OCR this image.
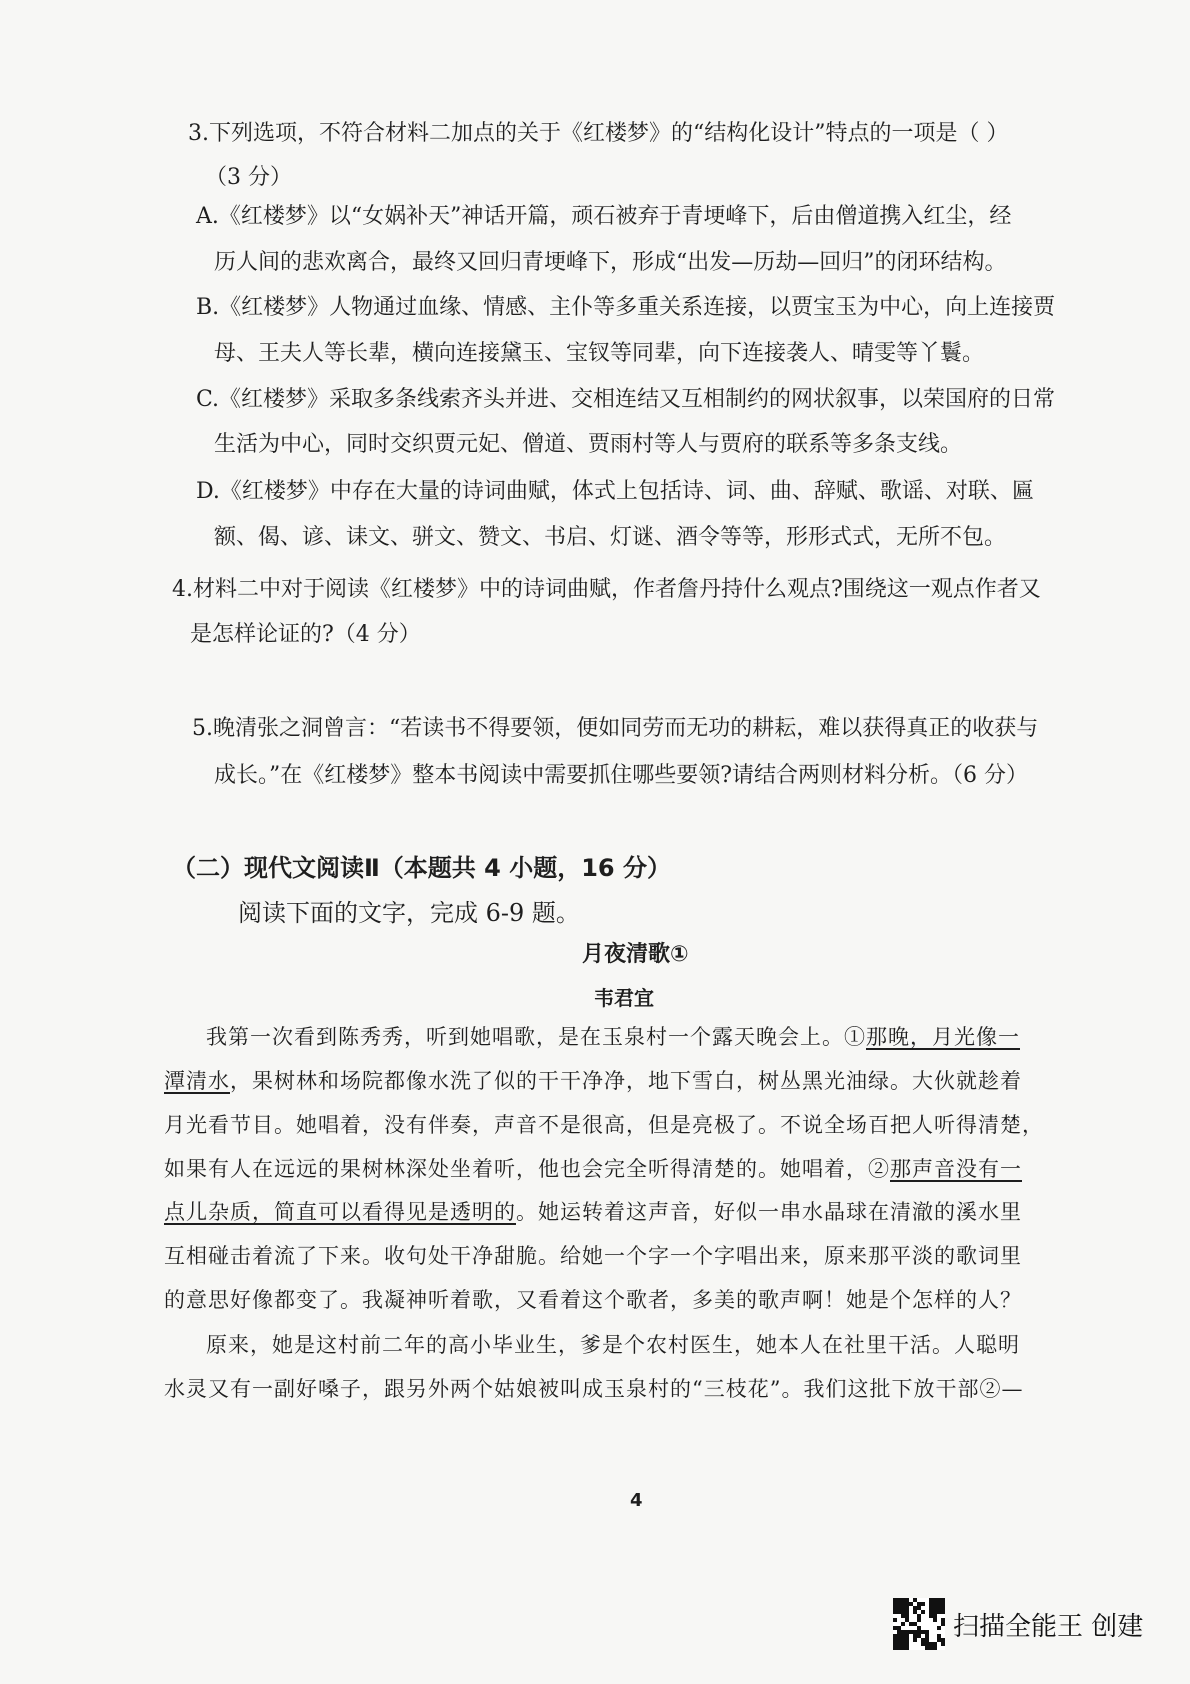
3.下列选项，不符合材料二加点的关于《红楼梦》的“结构化设计”特点的一项是（ ）
（3 分）
A.《红楼梦》以“女娲补天”神话开篇，顽石被弃于青埂峰下，后由僧道携入红尘，经
历人间的悲欢离合，最终又回归青埂峰下，形成“出发—历劫—回归”的闭环结构。
B.《红楼梦》人物通过血缘、情感、主仆等多重关系连接，以贾宝玉为中心，向上连接贾
母、王夫人等长辈，横向连接黛玉、宝钗等同辈，向下连接袭人、晴雯等丫鬟。
C.《红楼梦》采取多条线索齐头并进、交相连结又互相制约的网状叙事，以荣国府的日常
生活为中心，同时交织贾元妃、僧道、贾雨村等人与贾府的联系等多条支线。
D.《红楼梦》中存在大量的诗词曲赋，体式上包括诗、词、曲、辞赋、歌谣、对联、匾
额、偈、谚、诔文、骈文、赞文、书启、灯谜、酒令等等，形形式式，无所不包。
4.材料二中对于阅读《红楼梦》中的诗词曲赋，作者詹丹持什么观点?围绕这一观点作者又
是怎样论证的?（4 分）
5.晚清张之洞曾言：“若读书不得要领，便如同劳而无功的耕耘，难以获得真正的收获与
成长。”在《红楼梦》整本书阅读中需要抓住哪些要领?请结合两则材料分析。（6 分）
（二）现代文阅读Ⅱ（本题共 4 小题，16 分）
阅读下面的文字，完成 6-9 题。
月夜清歌①
韦君宜
我第一次看到陈秀秀，听到她唱歌，是在玉泉村一个露天晚会上。①那晚，月光像一
潭清水，果树林和场院都像水洗了似的干干净净，地下雪白，树丛黑光油绿。大伙就趁着
月光看节目。她唱着，没有伴奏，声音不是很高，但是亮极了。不说全场百把人听得清楚，
如果有人在远远的果树林深处坐着听，他也会完全听得清楚的。她唱着，②那声音没有一
点儿杂质，简直可以看得见是透明的。她运转着这声音，好似一串水晶球在清澈的溪水里
互相碰击着流了下来。收句处干净甜脆。给她一个字一个字唱出来，原来那平淡的歌词里
的意思好像都变了。我凝神听着歌，又看着这个歌者，多美的歌声啊！她是个怎样的人？
原来，她是这村前二年的高小毕业生，爹是个农村医生，她本人在社里干活。人聪明
水灵又有一副好嗓子，跟另外两个姑娘被叫成玉泉村的“三枝花”。我们这批下放干部②—
4
扫描全能王 创建
